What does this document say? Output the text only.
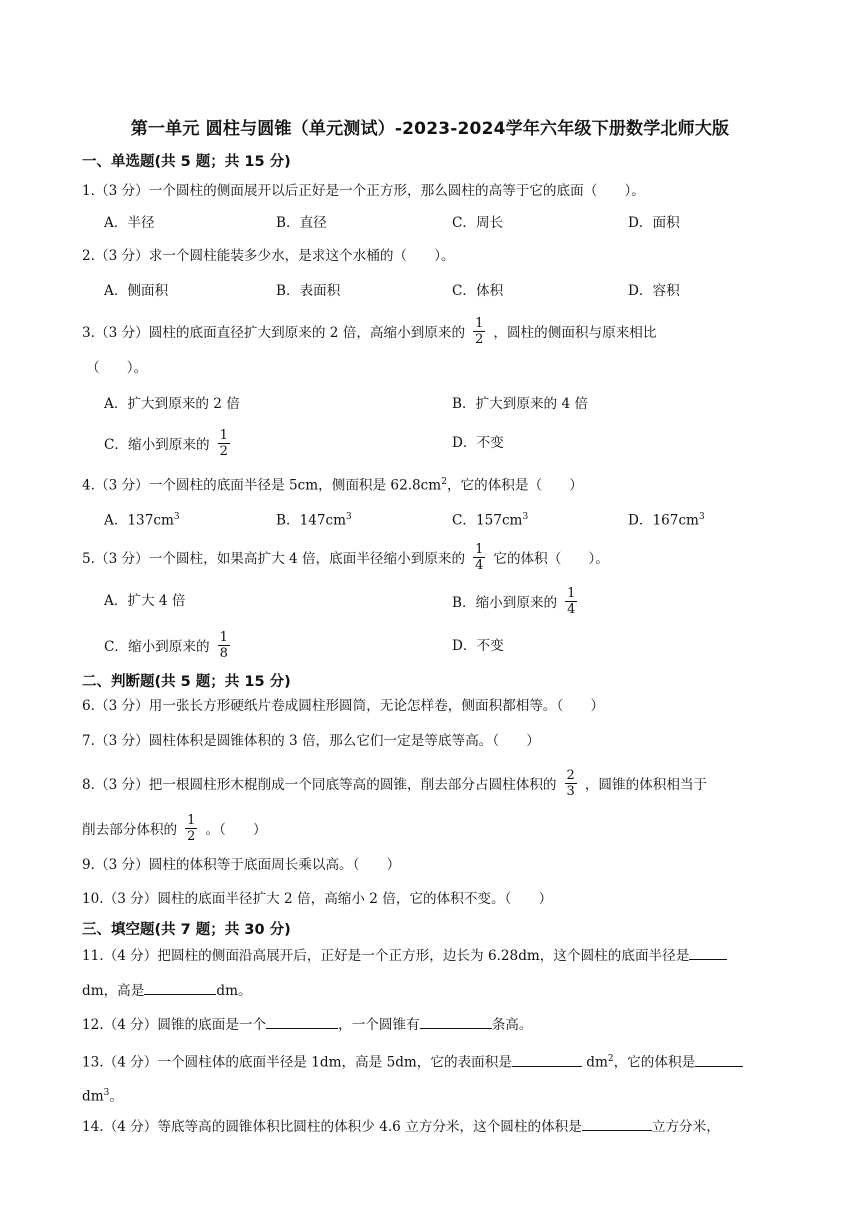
第一单元 圆柱与圆锥（单元测试）-2023-2024学年六年级下册数学北师大版
一、单选题(共 5 题；共 15 分)
1.（3 分）一个圆柱的侧面展开以后正好是一个正方形，那么圆柱的高等于它的底面（　　）。
A．半径	B．直径	C．周长	D．面积
2.（3 分）求一个圆柱能装多少水，是求这个水桶的（　　）。
A．侧面积	B．表面积	C．体积	D．容积
3.（3 分）圆柱的底面直径扩大到原来的 2 倍，高缩小到原来的 $\frac{1}{2}$ ，圆柱的侧面积与原来相比
（　　）。
A．扩大到原来的 2 倍	B．扩大到原来的 4 倍
C．缩小到原来的 $\frac{1}{2}$	D．不变
4.（3 分）一个圆柱的底面半径是 5cm，侧面积是 $62.8cm^2$，它的体积是（　　）
A．$137cm^3$	B．$147cm^3$	C．$157cm^3$	D．$167cm^3$
5.（3 分）一个圆柱，如果高扩大 4 倍，底面半径缩小到原来的 $\frac{1}{4}$ 它的体积（　　）。
A．扩大 4 倍	B．缩小到原来的 $\frac{1}{4}$
C．缩小到原来的 $\frac{1}{8}$	D．不变
二、判断题(共 5 题；共 15 分)
6.（3 分）用一张长方形硬纸片卷成圆柱形圆筒，无论怎样卷，侧面积都相等。（　　）
7.（3 分）圆柱体积是圆锥体积的 3 倍，那么它们一定是等底等高。（　　）
8.（3 分）把一根圆柱形木棍削成一个同底等高的圆锥，削去部分占圆柱体积的 $\frac{2}{3}$ ，圆锥的体积相当于
削去部分体积的 $\frac{1}{2}$ 。（　　）
9.（3 分）圆柱的体积等于底面周长乘以高。（　　）
10.（3 分）圆柱的底面半径扩大 2 倍，高缩小 2 倍，它的体积不变。（　　）
三、填空题(共 7 题；共 30 分)
11.（4 分）把圆柱的侧面沿高展开后，正好是一个正方形，边长为 6.28dm，这个圆柱的底面半径是
dm，高是	dm。
12.（4 分）圆锥的底面是一个	，一个圆锥有	条高。
13.（4 分）一个圆柱体的底面半径是 1dm，高是 5dm，它的表面积是	$dm^2$，它的体积是
$dm^3$。
14.（4 分）等底等高的圆锥体积比圆柱的体积少 4.6 立方分米，这个圆柱的体积是	立方分米，
